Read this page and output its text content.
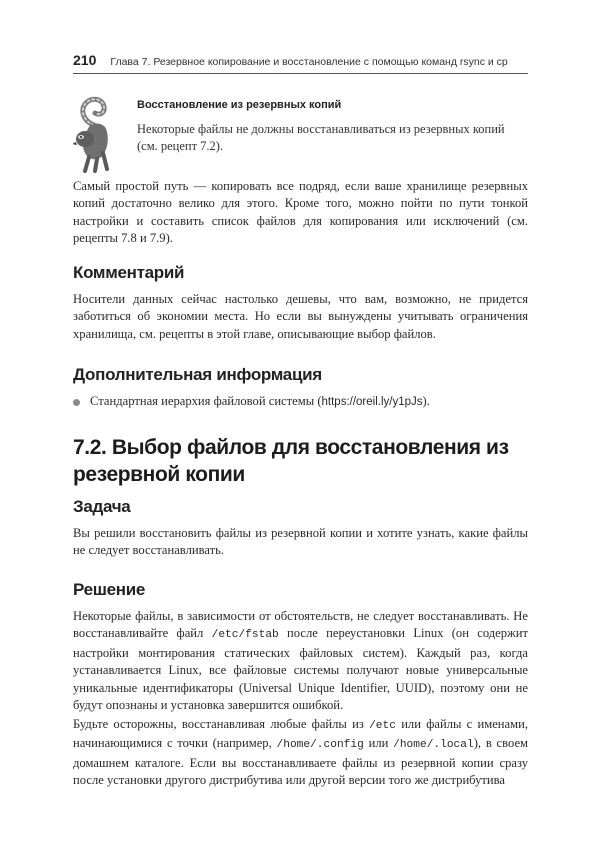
210 Глава 7. Резервное копирование и восстановление с помощью команд rsync и cp
Восстановление из резервных копий
Некоторые файлы не должны восстанавливаться из резервных копий (см. рецепт 7.2).
Самый простой путь — копировать все подряд, если ваше хранилище резервных копий достаточно велико для этого. Кроме того, можно пойти по пути тонкой настройки и составить список файлов для копирования или исключений (см. рецепты 7.8 и 7.9).
Комментарий
Носители данных сейчас настолько дешевы, что вам, возможно, не придется заботиться об экономии места. Но если вы вынуждены учитывать ограничения хранилища, см. рецепты в этой главе, описывающие выбор файлов.
Дополнительная информация
Стандартная иерархия файловой системы (https://oreil.ly/y1pJs).
7.2. Выбор файлов для восстановления из резервной копии
Задача
Вы решили восстановить файлы из резервной копии и хотите узнать, какие файлы не следует восстанавливать.
Решение
Некоторые файлы, в зависимости от обстоятельств, не следует восстанавливать. Не восстанавливайте файл /etc/fstab после переустановки Linux (он содержит настройки монтирования статических файловых систем). Каждый раз, когда устанавливается Linux, все файловые системы получают новые универсальные уникальные идентификаторы (Universal Unique Identifier, UUID), поэтому они не будут опознаны и установка завершится ошибкой.
Будьте осторожны, восстанавливая любые файлы из /etc или файлы с именами, начинающимися с точки (например, /home/.config или /home/.local), в своем домашнем каталоге. Если вы восстанавливаете файлы из резервной копии сразу после установки другого дистрибутива или другой версии того же дистрибутива
